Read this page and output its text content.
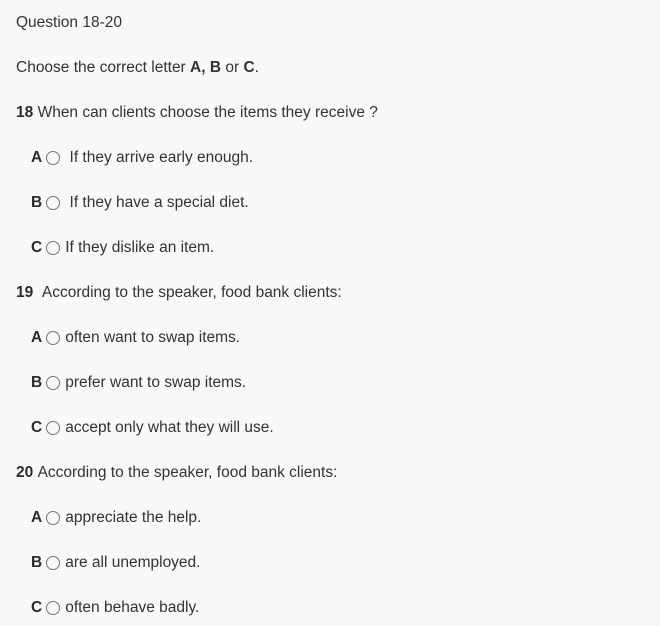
Question 18-20
Choose the correct letter A, B or C .
18 When can clients choose the items they receive ?
A If they arrive early enough.
B If they have a special diet.
C If they dislike an item.
19 According to the speaker, food bank clients:
A often want to swap items.
B prefer want to swap items.
C accept only what they will use.
20 According to the speaker, food bank clients:
A appreciate the help.
B are all unemployed.
C often behave badly.
